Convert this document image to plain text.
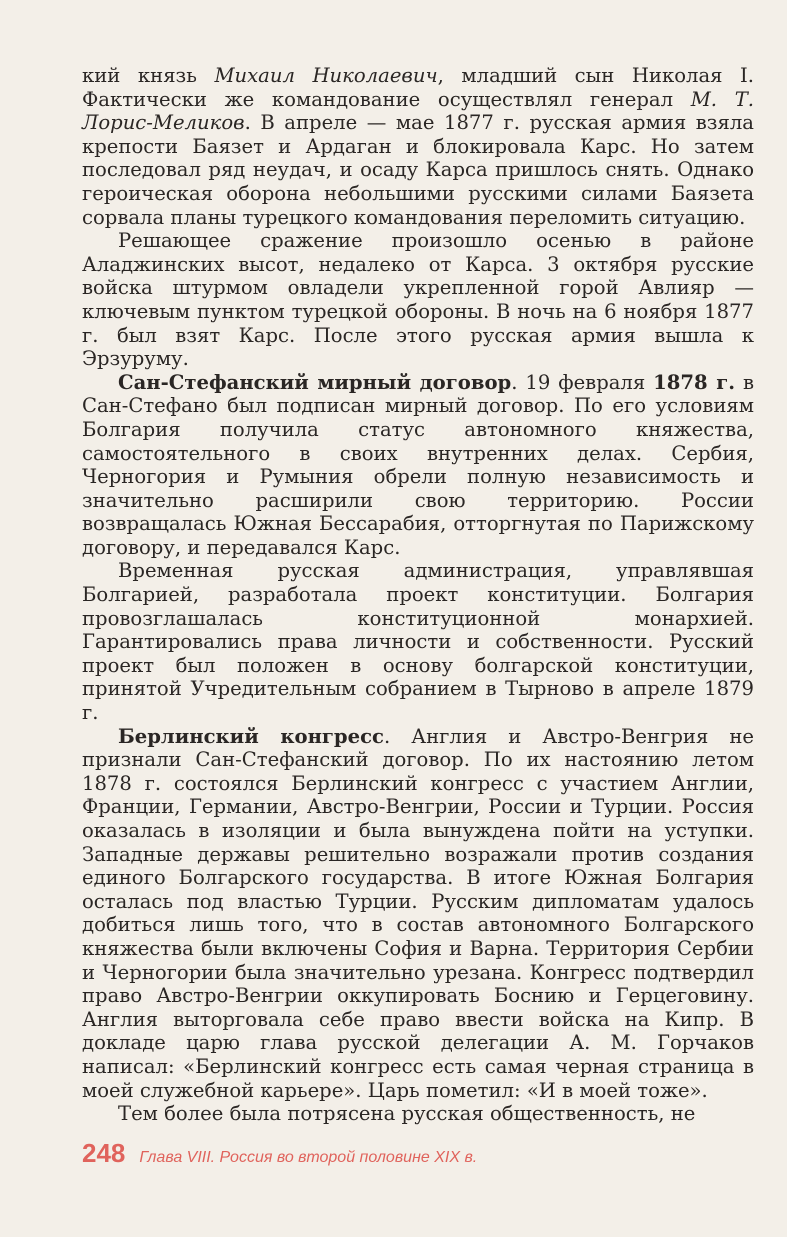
кий князь Михаил Николаевич, младший сын Николая I. Фактически же командование осуществлял генерал М. Т. Лорис-Меликов. В апреле — мае 1877 г. русская армия взяла крепости Баязет и Ардаган и блокировала Карс. Но затем последовал ряд неудач, и осаду Карса пришлось снять. Однако героическая оборона небольшими русскими силами Баязета сорвала планы турецкого командования переломить ситуацию.

Решающее сражение произошло осенью в районе Аладжинских высот, недалеко от Карса. 3 октября русские войска штурмом овладели укрепленной горой Авлияр — ключевым пунктом турецкой обороны. В ночь на 6 ноября 1877 г. был взят Карс. После этого русская армия вышла к Эрзуруму.

Сан-Стефанский мирный договор. 19 февраля 1878 г. в Сан-Стефано был подписан мирный договор. По его условиям Болгария получила статус автономного княжества, самостоятельного в своих внутренних делах. Сербия, Черногория и Румыния обрели полную независимость и значительно расширили свою территорию. России возвращалась Южная Бессарабия, отторгнутая по Парижскому договору, и передавался Карс.

Временная русская администрация, управлявшая Болгарией, разработала проект конституции. Болгария провозглашалась конституционной монархией. Гарантировались права личности и собственности. Русский проект был положен в основу болгарской конституции, принятой Учредительным собранием в Тырново в апреле 1879 г.

Берлинский конгресс. Англия и Австро-Венгрия не признали Сан-Стефанский договор. По их настоянию летом 1878 г. состоялся Берлинский конгресс с участием Англии, Франции, Германии, Австро-Венгрии, России и Турции. Россия оказалась в изоляции и была вынуждена пойти на уступки. Западные державы решительно возражали против создания единого Болгарского государства. В итоге Южная Болгария осталась под властью Турции. Русским дипломатам удалось добиться лишь того, что в состав автономного Болгарского княжества были включены София и Варна. Территория Сербии и Черногории была значительно урезана. Конгресс подтвердил право Австро-Венгрии оккупировать Боснию и Герцеговину. Англия выторговала себе право ввести войска на Кипр. В докладе царю глава русской делегации А. М. Горчаков написал: «Берлинский конгресс есть самая черная страница в моей служебной карьере». Царь пометил: «И в моей тоже».

Тем более была потрясена русская общественность, не

248 Глава VIII. Россия во второй половине XIX в.
